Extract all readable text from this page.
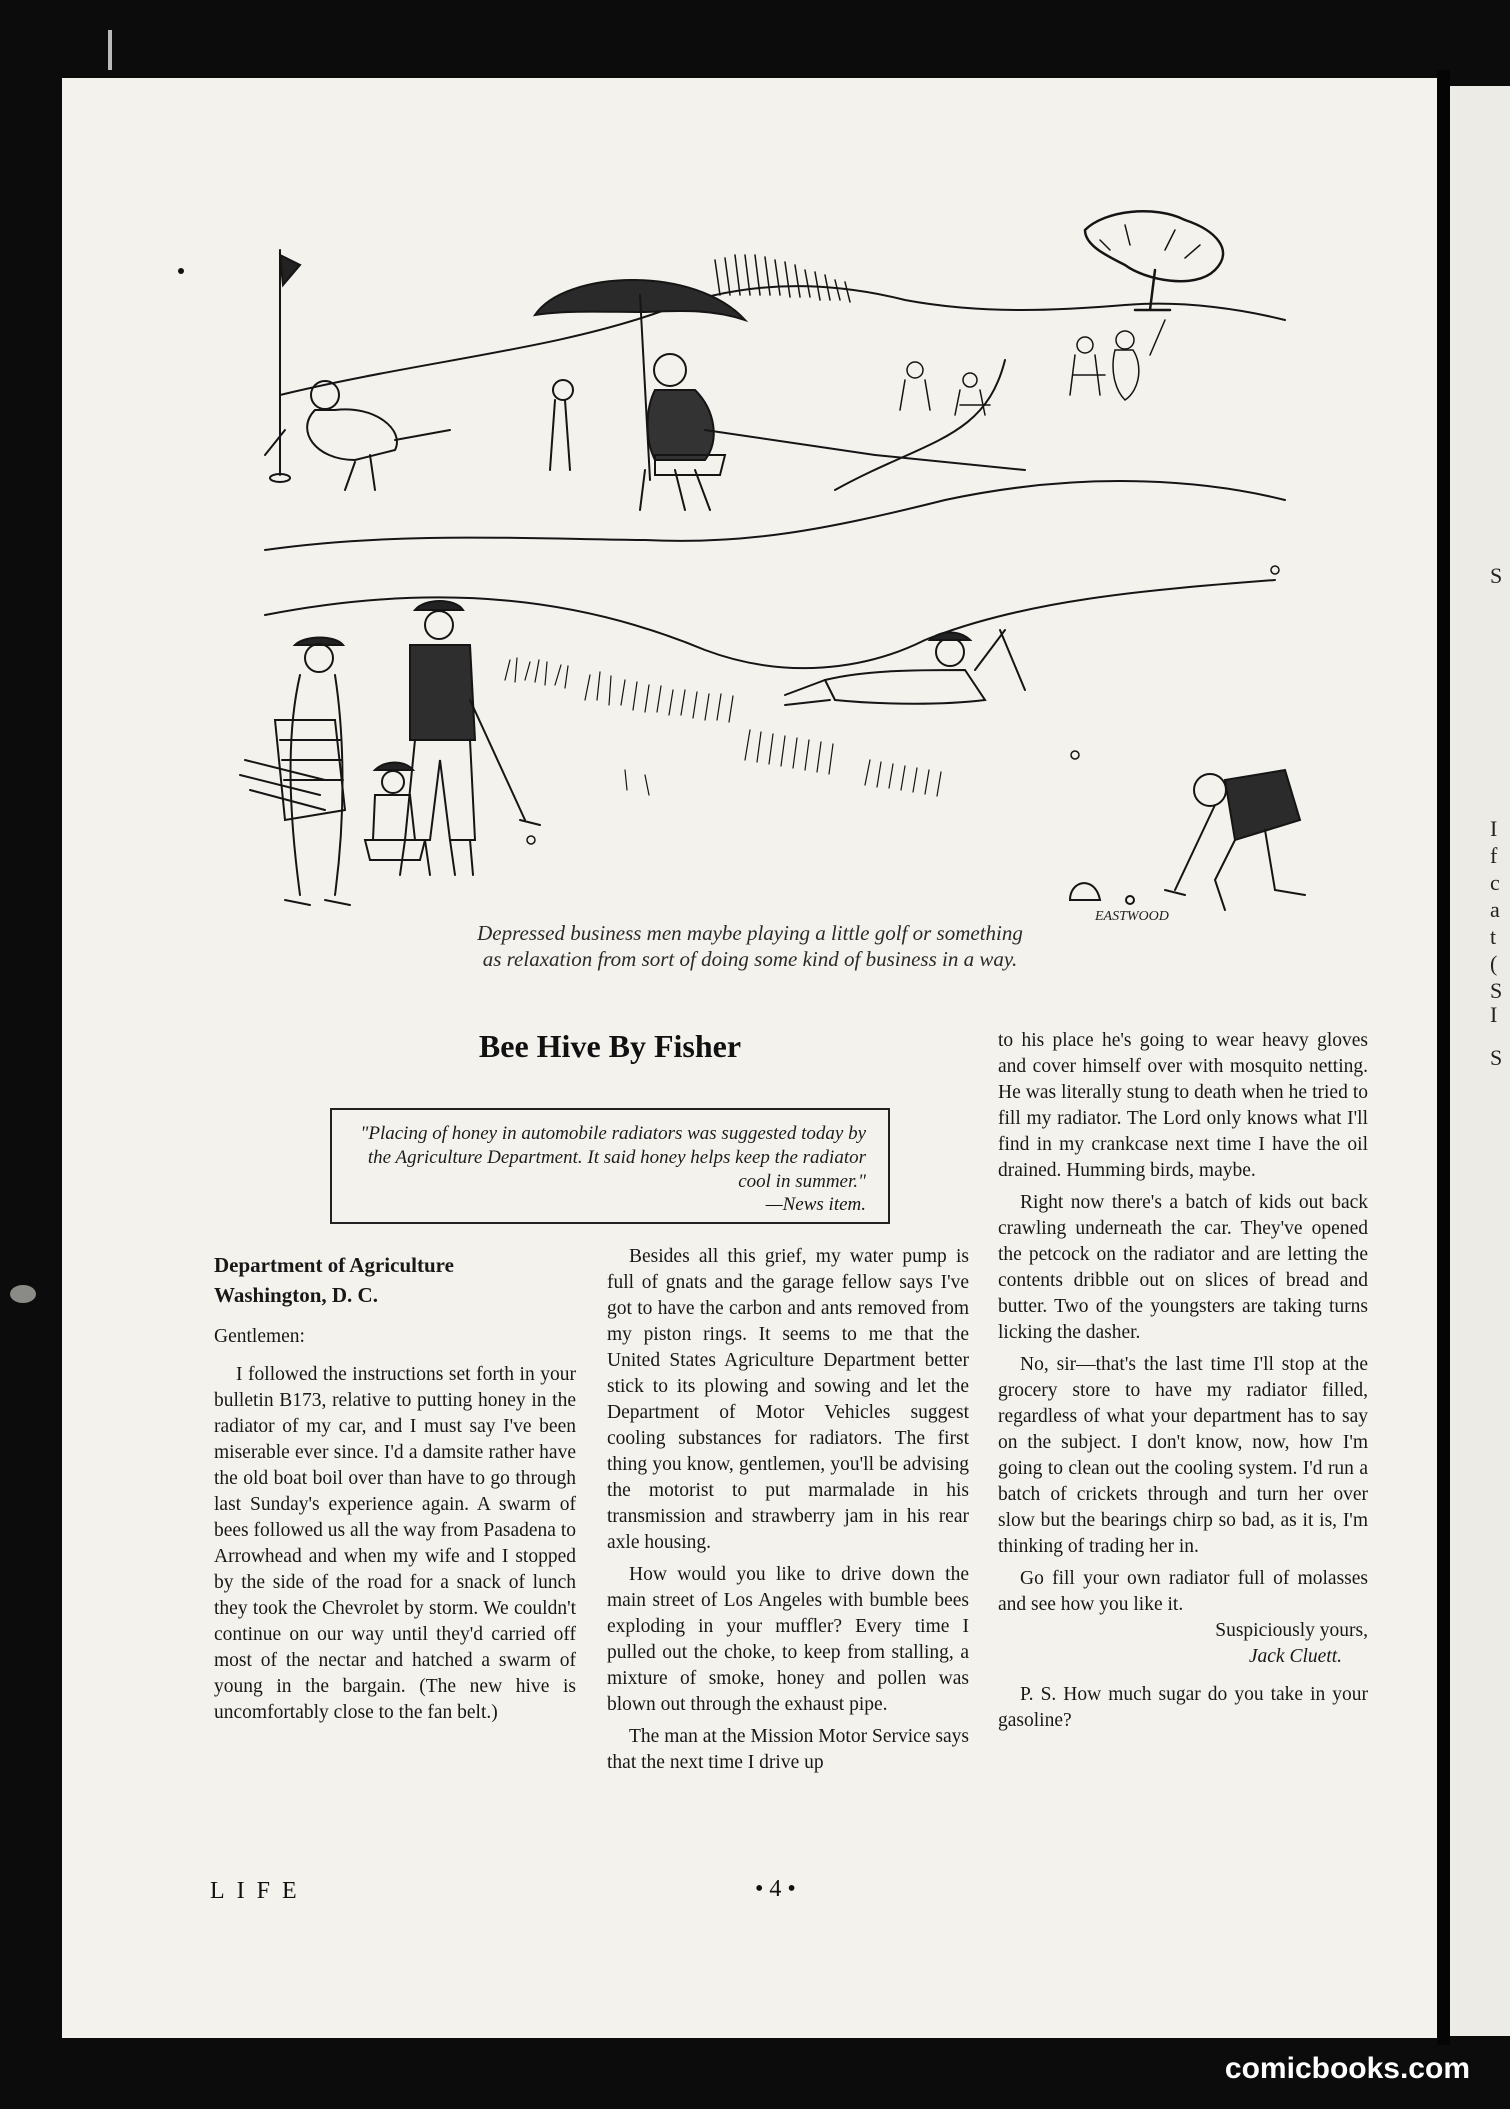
S
I
f
c
a
t
(
S
I
S
EASTWOOD
Depressed business men maybe playing a little golf or something
as relaxation from sort of doing some kind of business in a way.
Bee Hive By Fisher
"Placing of honey in automobile radiators was suggested today by the Agriculture Department. It said honey helps keep the radiator cool in summer."
—News item.
Department of Agriculture
Washington, D. C.

Gentlemen:

I followed the instructions set forth in your bulletin B173, relative to putting honey in the radiator of my car, and I must say I've been miserable ever since. I'd a damsite rather have the old boat boil over than have to go through last Sunday's experience again. A swarm of bees followed us all the way from Pasadena to Arrowhead and when my wife and I stopped by the side of the road for a snack of lunch they took the Chevrolet by storm. We couldn't continue on our way until they'd carried off most of the nectar and hatched a swarm of young in the bargain. (The new hive is uncomfortably close to the fan belt.)

Besides all this grief, my water pump is full of gnats and the garage fellow says I've got to have the carbon and ants removed from my piston rings. It seems to me that the United States Agriculture Department better stick to its plowing and sowing and let the Department of Motor Vehicles suggest cooling substances for radiators. The first thing you know, gentlemen, you'll be advising the motorist to put marmalade in his transmission and strawberry jam in his rear axle housing.

How would you like to drive down the main street of Los Angeles with bumble bees exploding in your muffler? Every time I pulled out the choke, to keep from stalling, a mixture of smoke, honey and pollen was blown out through the exhaust pipe.

The man at the Mission Motor Service says that the next time I drive up

to his place he's going to wear heavy gloves and cover himself over with mosquito netting. He was literally stung to death when he tried to fill my radiator. The Lord only knows what I'll find in my crankcase next time I have the oil drained. Humming birds, maybe.

Right now there's a batch of kids out back crawling underneath the car. They've opened the petcock on the radiator and are letting the contents dribble out on slices of bread and butter. Two of the youngsters are taking turns licking the dasher.

No, sir—that's the last time I'll stop at the grocery store to have my radiator filled, regardless of what your department has to say on the subject. I don't know, now, how I'm going to clean out the cooling system. I'd run a batch of crickets through and turn her over slow but the bearings chirp so bad, as it is, I'm thinking of trading her in.

Go fill your own radiator full of molasses and see how you like it.

Suspiciously yours,

Jack Cluett.

P. S. How much sugar do you take in your gasoline?

LIFE	• 4 •
comicbooks.com
